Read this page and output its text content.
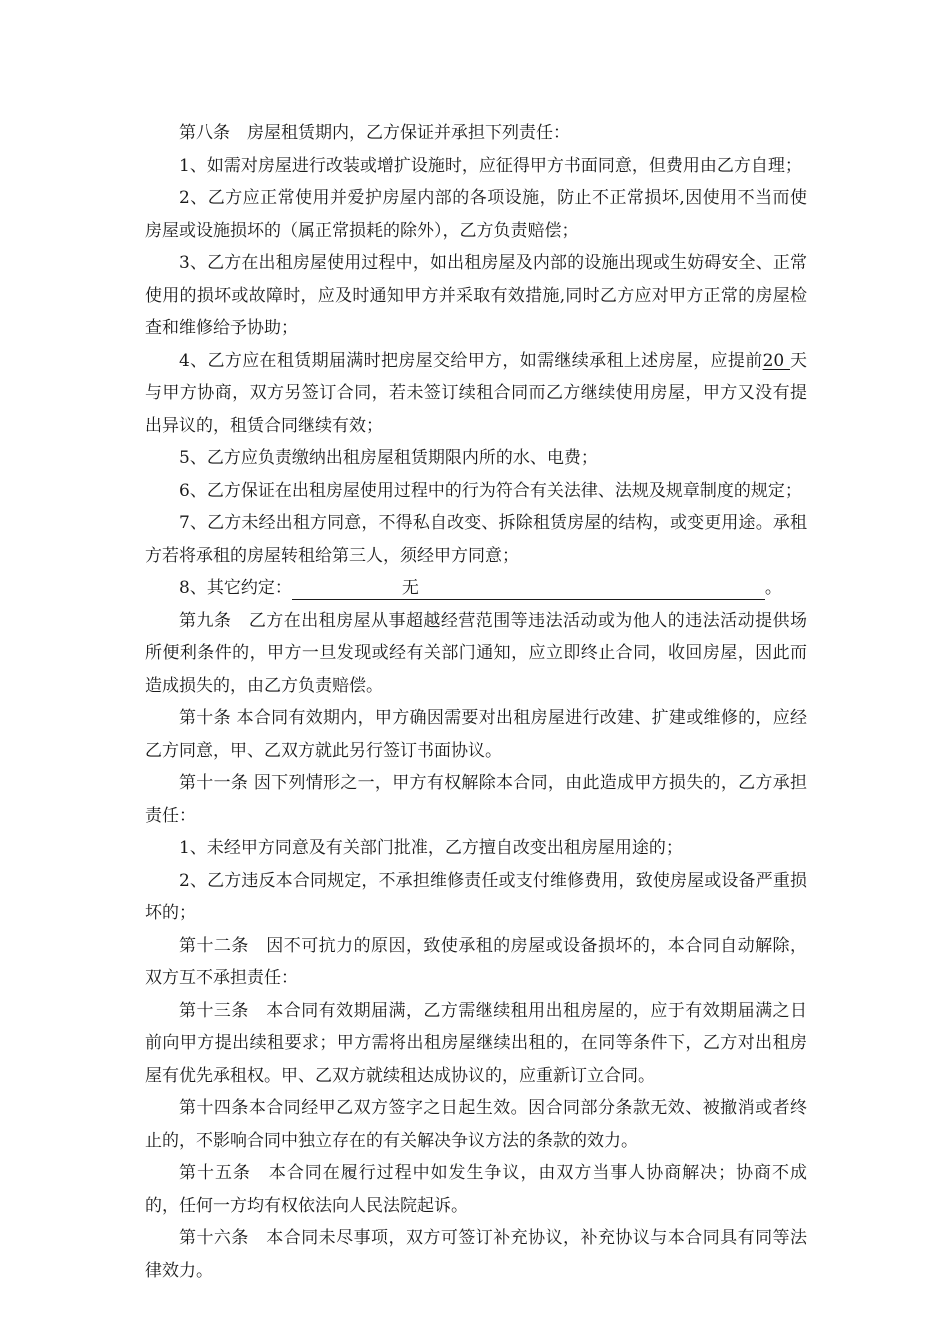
第八条　房屋租赁期内，乙方保证并承担下列责任：

1、如需对房屋进行改装或增扩设施时，应征得甲方书面同意，但费用由乙方自理；

2、乙方应正常使用并爱护房屋内部的各项设施，防止不正常损坏,因使用不当而使房屋或设施损坏的（属正常损耗的除外），乙方负责赔偿；

3、乙方在出租房屋使用过程中，如出租房屋及内部的设施出现或生妨碍安全、正常使用的损坏或故障时，应及时通知甲方并采取有效措施,同时乙方应对甲方正常的房屋检查和维修给予协助；

4、乙方应在租赁期届满时把房屋交给甲方，如需继续承租上述房屋，应提前20 天与甲方协商，双方另签订合同，若未签订续租合同而乙方继续使用房屋，甲方又没有提出异议的，租赁合同继续有效；

5、乙方应负责缴纳出租房屋租赁期限内所的水、电费；

6、乙方保证在出租房屋使用过程中的行为符合有关法律、法规及规章制度的规定；

7、乙方未经出租方同意，不得私自改变、拆除租赁房屋的结构，或变更用途。承租方若将承租的房屋转租给第三人，须经甲方同意；

8、其它约定：	无	。

第九条　乙方在出租房屋从事超越经营范围等违法活动或为他人的违法活动提供场所便利条件的，甲方一旦发现或经有关部门通知，应立即终止合同，收回房屋，因此而造成损失的，由乙方负责赔偿。

第十条 本合同有效期内，甲方确因需要对出租房屋进行改建、扩建或维修的，应经乙方同意，甲、乙双方就此另行签订书面协议。

第十一条 因下列情形之一，甲方有权解除本合同，由此造成甲方损失的，乙方承担责任：

1、未经甲方同意及有关部门批准，乙方擅自改变出租房屋用途的；

2、乙方违反本合同规定，不承担维修责任或支付维修费用，致使房屋或设备严重损坏的；

第十二条　因不可抗力的原因，致使承租的房屋或设备损坏的，本合同自动解除，双方互不承担责任：

第十三条　本合同有效期届满，乙方需继续租用出租房屋的，应于有效期届满之日前向甲方提出续租要求；甲方需将出租房屋继续出租的，在同等条件下，乙方对出租房屋有优先承租权。甲、乙双方就续租达成协议的，应重新订立合同。

第十四条本合同经甲乙双方签字之日起生效。因合同部分条款无效、被撤消或者终止的，不影响合同中独立存在的有关解决争议方法的条款的效力。

第十五条　本合同在履行过程中如发生争议，由双方当事人协商解决；协商不成的，任何一方均有权依法向人民法院起诉。

第十六条　本合同未尽事项，双方可签订补充协议，补充协议与本合同具有同等法律效力。
